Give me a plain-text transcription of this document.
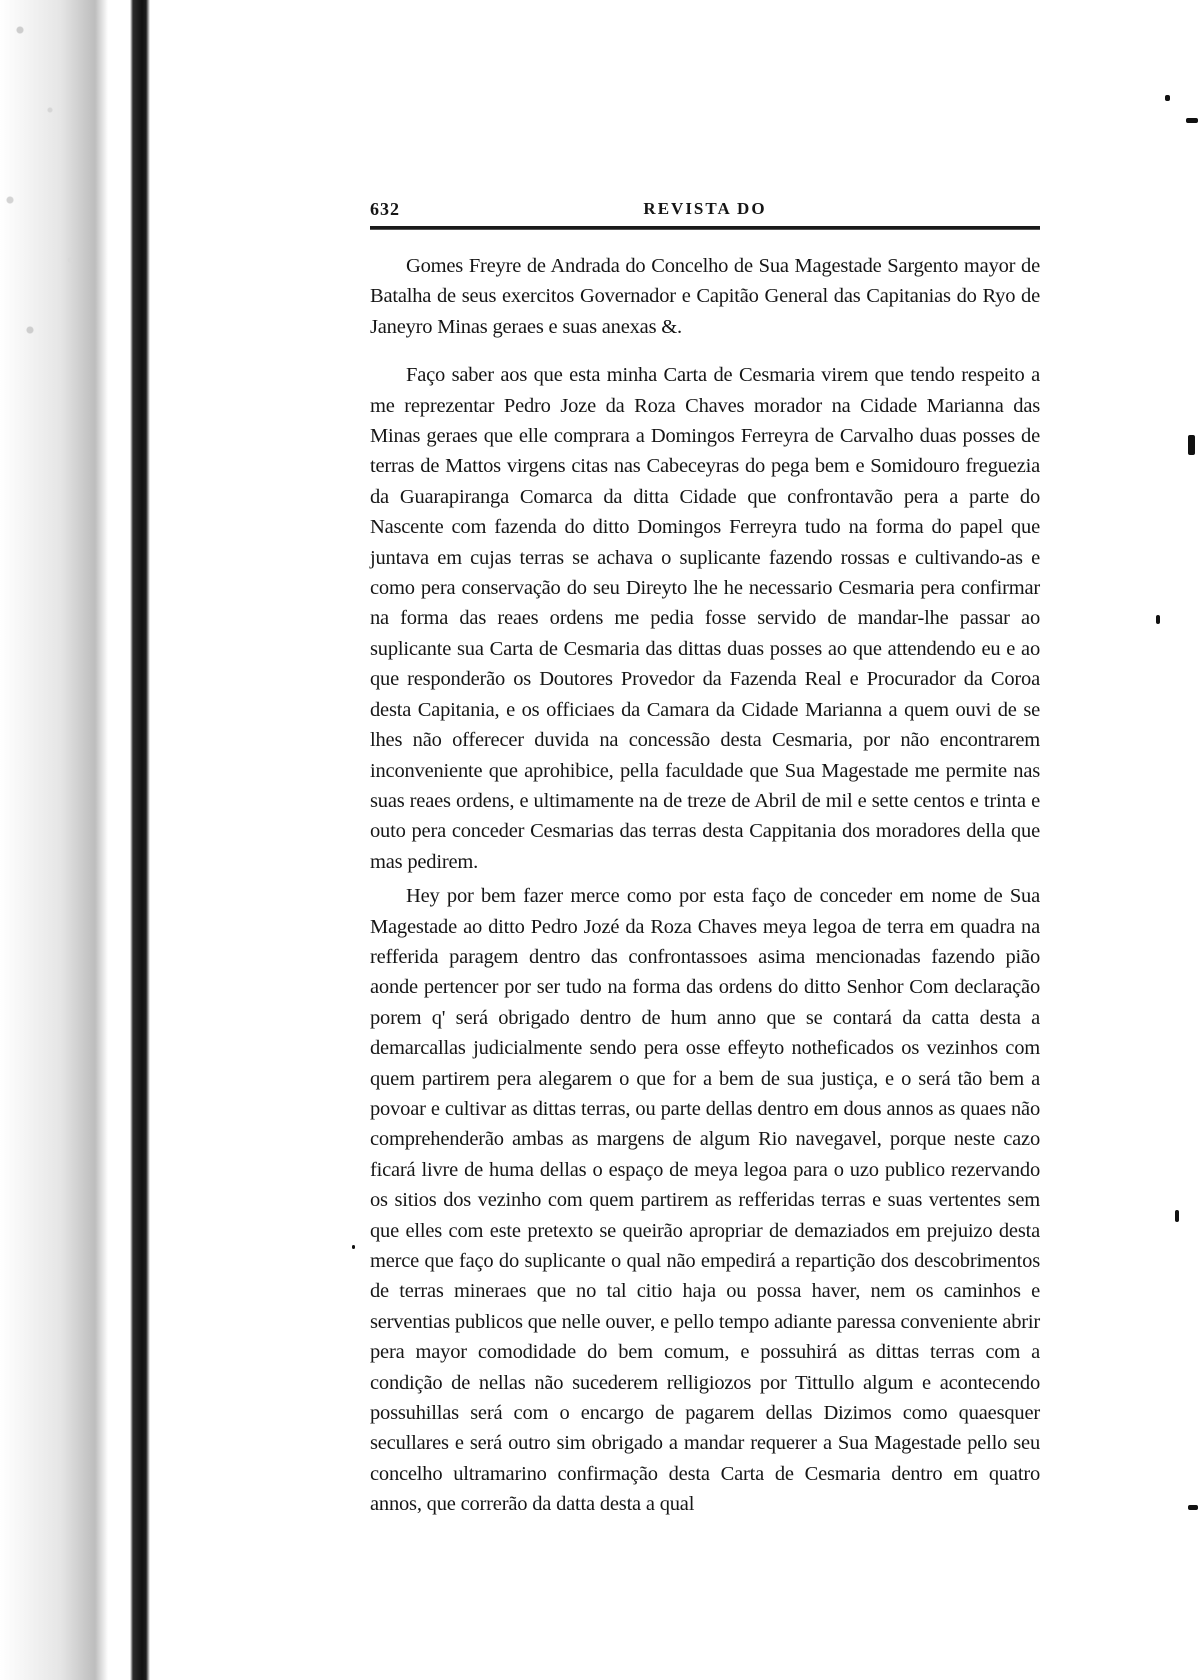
632	REVISTA DO

Gomes Freyre de Andrada do Concelho de Sua Magestade Sargento mayor de Batalha de seus exercitos Governador e Capitão General das Capitanias do Ryo de Janeyro Minas geraes e suas anexas &.

Faço saber aos que esta minha Carta de Cesmaria virem que tendo respeito a me reprezentar Pedro Joze da Roza Chaves morador na Cidade Marianna das Minas geraes que elle comprara a Domingos Ferreyra de Carvalho duas posses de terras de Mattos virgens citas nas Cabeceyras do pega bem e Somidouro freguezia da Guarapiranga Comarca da ditta Cidade que confrontavão pera a parte do Nascente com fazenda do ditto Domingos Ferreyra tudo na forma do papel que juntava em cujas terras se achava o suplicante fazendo rossas e cultivando-as e como pera conservação do seu Direyto lhe he necessario Cesmaria pera confirmar na forma das reaes ordens me pedia fosse servido de mandar-lhe passar ao suplicante sua Carta de Cesmaria das dittas duas posses ao que attendendo eu e ao que responderão os Doutores Provedor da Fazenda Real e Procurador da Coroa desta Capitania, e os officiaes da Camara da Cidade Marianna a quem ouvi de se lhes não offerecer duvida na concessão desta Cesmaria, por não encontrarem inconveniente que aprohibice, pella faculdade que Sua Magestade me permite nas suas reaes ordens, e ultimamente na de treze de Abril de mil e sette centos e trinta e outo pera conceder Cesmarias das terras desta Cappitania dos moradores della que mas pedirem.

Hey por bem fazer merce como por esta faço de conceder em nome de Sua Magestade ao ditto Pedro Jozé da Roza Chaves meya legoa de terra em quadra na refferida paragem dentro das confrontassoes asima mencionadas fazendo pião aonde pertencer por ser tudo na forma das ordens do ditto Senhor Com declaração porem q' será obrigado dentro de hum anno que se contará da catta desta a demarcallas judicialmente sendo pera osse effeyto notheficados os vezinhos com quem partirem pera alegarem o que for a bem de sua justiça, e o será tão bem a povoar e cultivar as dittas terras, ou parte dellas dentro em dous annos as quaes não comprehenderão ambas as margens de algum Rio navegavel, porque neste cazo ficará livre de huma dellas o espaço de meya legoa para o uzo publico rezervando os sitios dos vezinho com quem partirem as refferidas terras e suas vertentes sem que elles com este pretexto se queirão apropriar de demaziados em prejuizo desta merce que faço do suplicante o qual não empedirá a repartição dos descobrimentos de terras mineraes que no tal citio haja ou possa haver, nem os caminhos e serventias publicos que nelle ouver, e pello tempo adiante paressa conveniente abrir pera mayor comodidade do bem comum, e possuhirá as dittas terras com a condição de nellas não sucederem relligiozos por Tittullo algum e acontecendo possuhillas será com o encargo de pagarem dellas Dizimos como quaesquer secullares e será outro sim obrigado a mandar requerer a Sua Magestade pello seu concelho ultramarino confirmação desta Carta de Cesmaria dentro em quatro annos, que correrão da datta desta a qual
